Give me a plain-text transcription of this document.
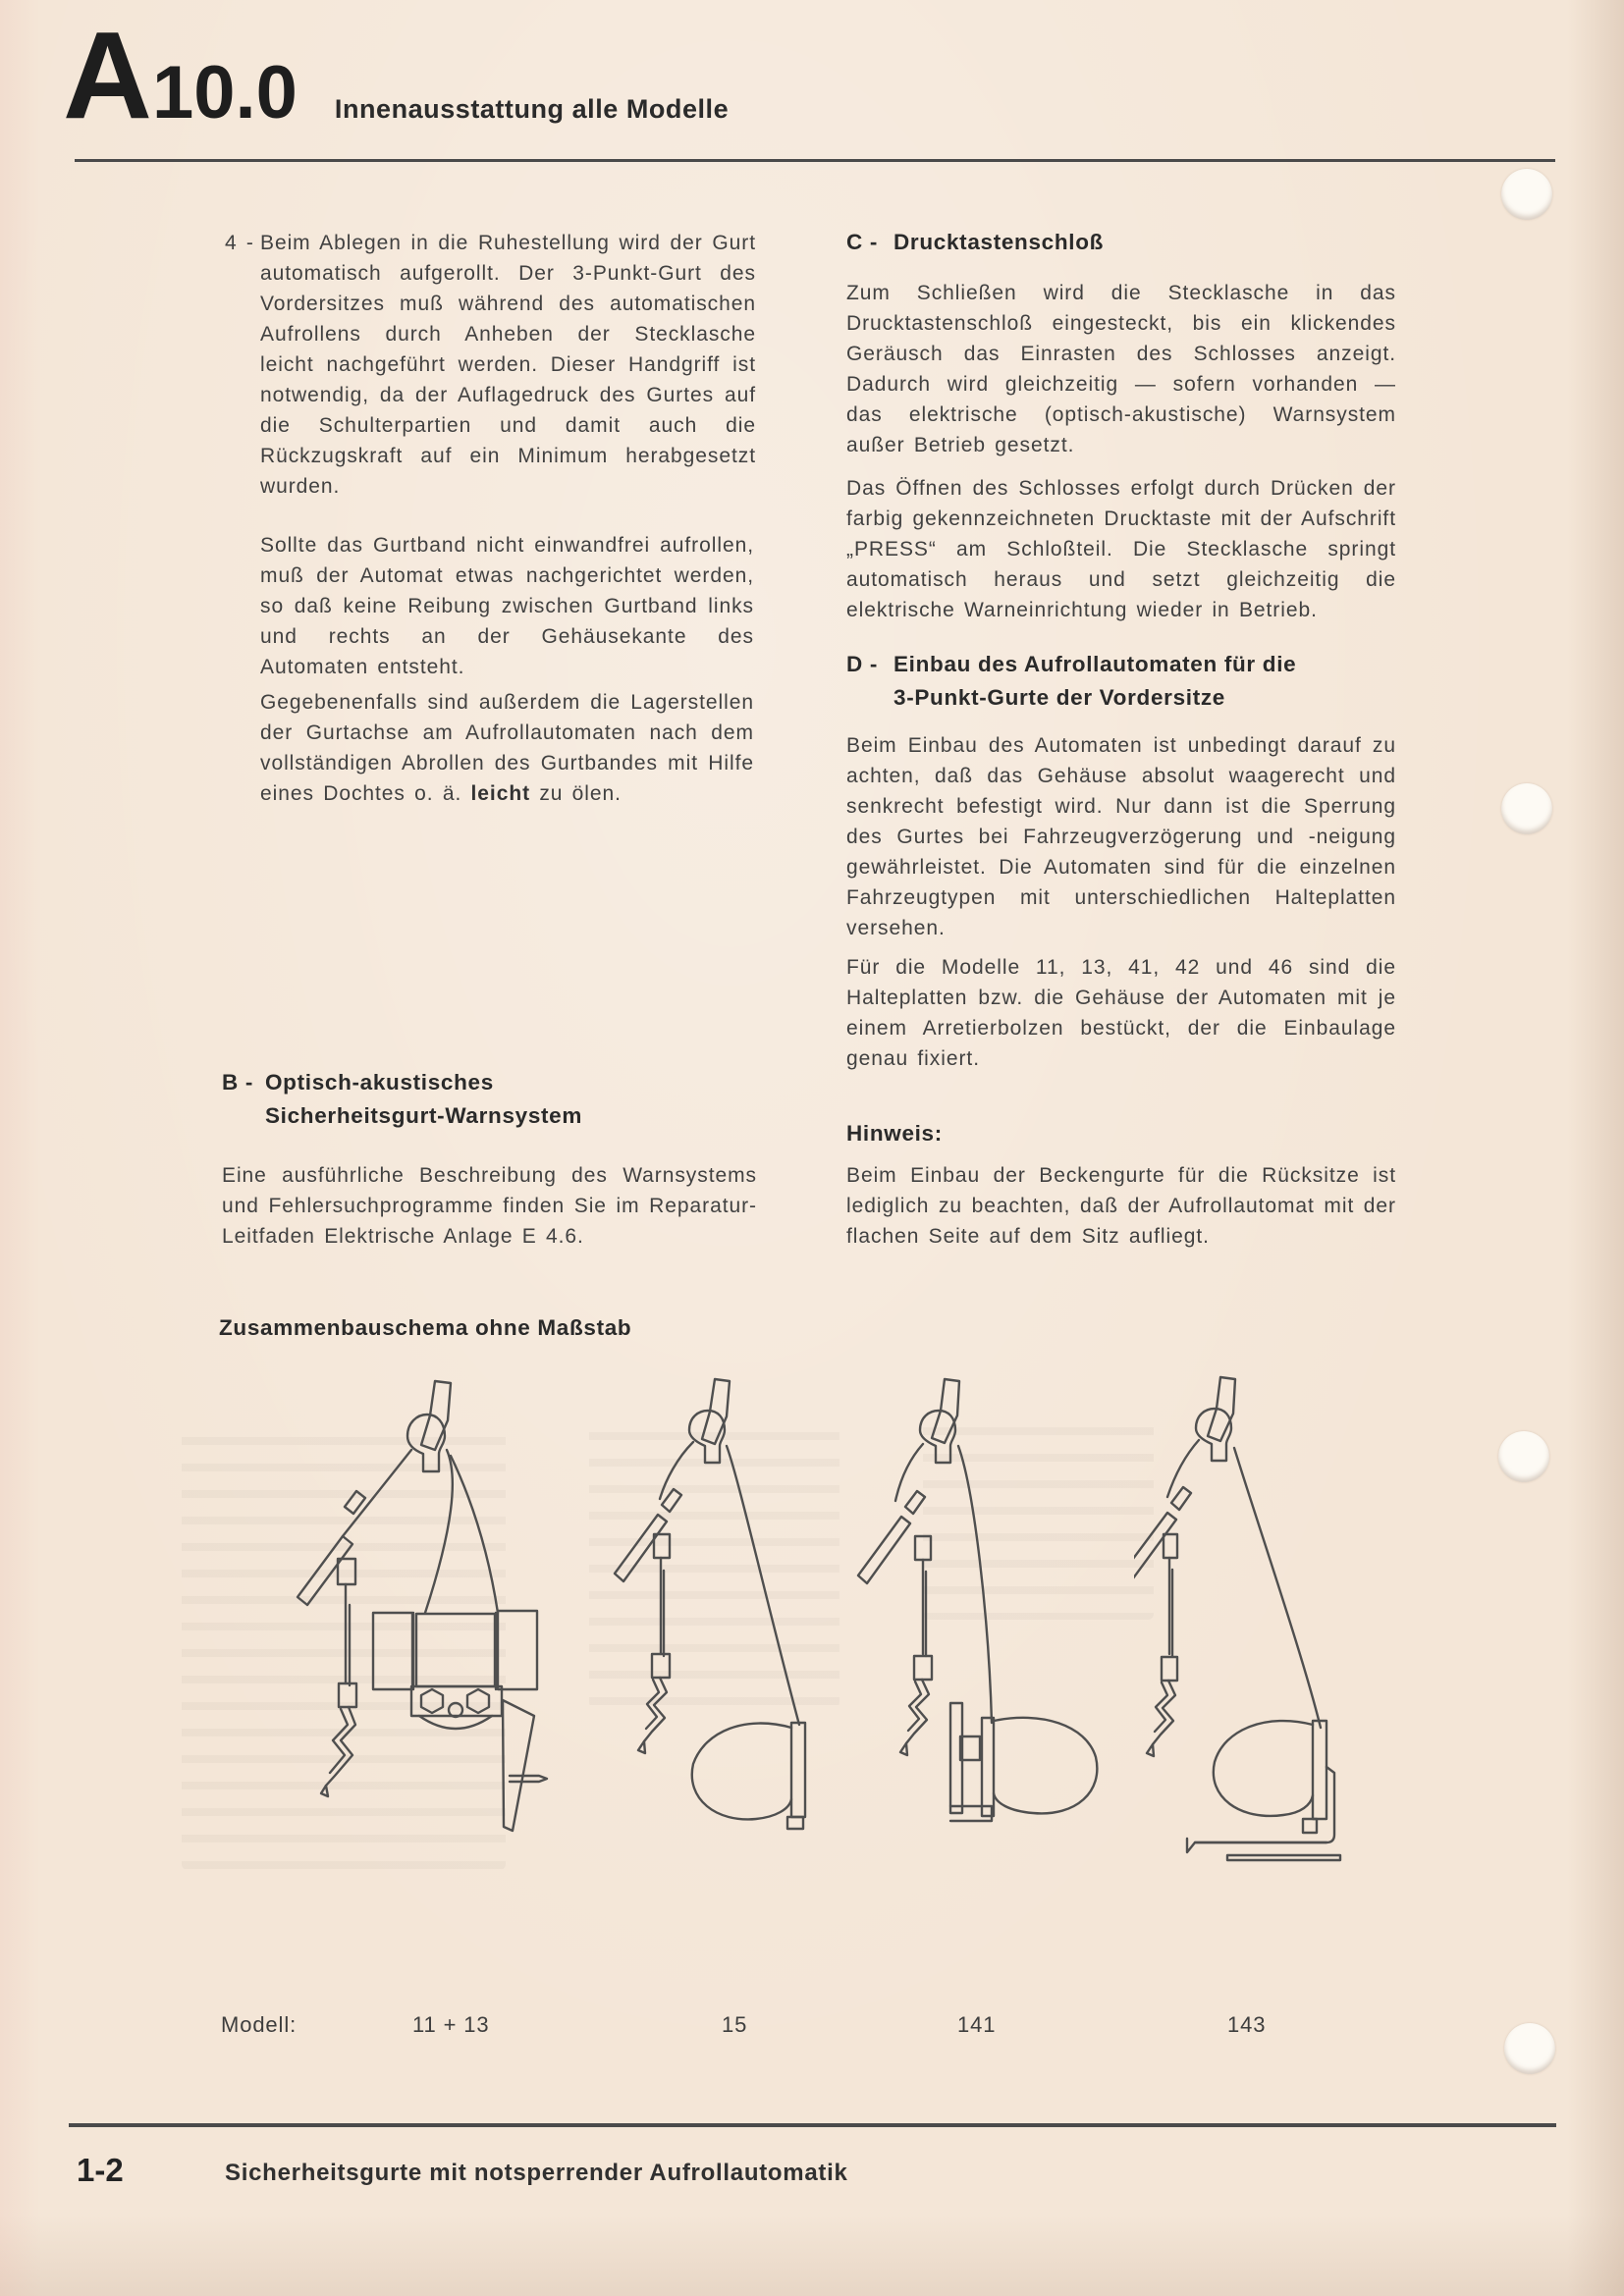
A 10.0 Innenausstattung alle Modelle
4 - Beim Ablegen in die Ruhestellung wird der Gurt automatisch aufgerollt. Der 3-Punkt-Gurt des Vordersitzes muß während des automatischen Aufrollens durch Anheben der Stecklasche leicht nachgeführt werden. Dieser Handgriff ist notwendig, da der Auflagedruck des Gurtes auf die Schulterpartien und damit auch die Rückzugskraft auf ein Minimum herabgesetzt wurden.
Sollte das Gurtband nicht einwandfrei aufrollen, muß der Automat etwas nachgerichtet werden, so daß keine Reibung zwischen Gurtband links und rechts an der Gehäusekante des Automaten entsteht.
Gegebenenfalls sind außerdem die Lagerstellen der Gurtachse am Aufrollautomaten nach dem vollständigen Abrollen des Gurtbandes mit Hilfe eines Dochtes o. ä. leicht zu ölen.
B - Optisch-akustisches
Sicherheitsgurt-Warnsystem
Eine ausführliche Beschreibung des Warnsystems und Fehlersuchprogramme finden Sie im Reparatur-Leitfaden Elektrische Anlage E 4.6.
Zusammenbauschema ohne Maßstab
C - Drucktastenschloß
Zum Schließen wird die Stecklasche in das Drucktastenschloß eingesteckt, bis ein klickendes Geräusch das Einrasten des Schlosses anzeigt. Dadurch wird gleichzeitig — sofern vorhanden — das elektrische (optisch-akustische) Warnsystem außer Betrieb gesetzt.
Das Öffnen des Schlosses erfolgt durch Drücken der farbig gekennzeichneten Drucktaste mit der Aufschrift „PRESS“ am Schloßteil. Die Stecklasche springt automatisch heraus und setzt gleichzeitig die elektrische Warneinrichtung wieder in Betrieb.
D - Einbau des Aufrollautomaten für die
3-Punkt-Gurte der Vordersitze
Beim Einbau des Automaten ist unbedingt darauf zu achten, daß das Gehäuse absolut waagerecht und senkrecht befestigt wird. Nur dann ist die Sperrung des Gurtes bei Fahrzeugverzögerung und -neigung gewährleistet. Die Automaten sind für die einzelnen Fahrzeugtypen mit unterschiedlichen Halteplatten versehen.
Für die Modelle 11, 13, 41, 42 und 46 sind die Halteplatten bzw. die Gehäuse der Automaten mit je einem Arretierbolzen bestückt, der die Einbaulage genau fixiert.
Hinweis:
Beim Einbau der Beckengurte für die Rücksitze ist lediglich zu beachten, daß der Aufrollautomat mit der flachen Seite auf dem Sitz aufliegt.
Modell:	11 + 13	15	141	143
1-2	Sicherheitsgurte mit notsperrender Aufrollautomatik
